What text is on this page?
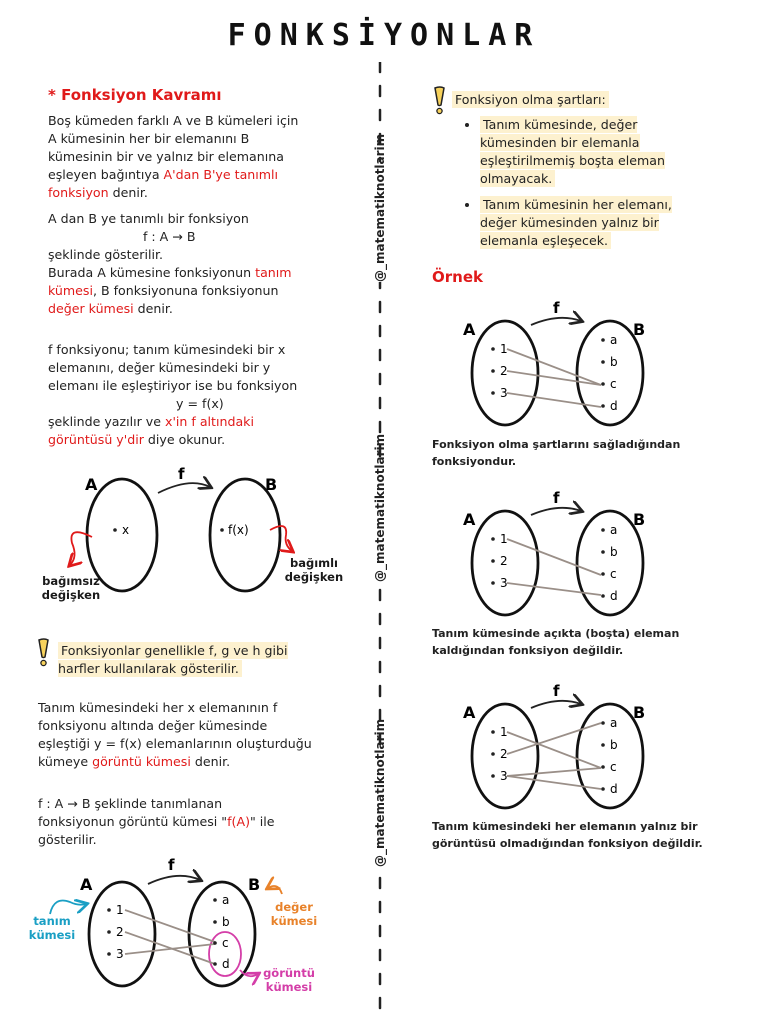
FONKSİYONLAR
@_matematiknotlarim
@_matematiknotlarim
@_matematiknotlarim
* Fonksiyon Kavramı
Boş kümeden farklı A ve B kümeleri için A kümesinin her bir elemanını B kümesinin bir ve yalnız bir elemanına eşleyen bağıntıya A'dan B'ye tanımlı fonksiyon denir.
A dan B ye tanımlı bir fonksiyon
f : A → B
şeklinde gösterilir.
Burada A kümesine fonksiyonun tanım kümesi, B fonksiyonuna fonksiyonun değer kümesi denir.
f fonksiyonu; tanım kümesindeki bir x elemanını, değer kümesindeki bir y elemanı ile eşleştiriyor ise bu fonksiyon
y = f(x)
şeklinde yazılır ve x'in f altındaki görüntüsü y'dir diye okunur.
A	B
f
x	f(x)
bağımsız değişken
bağımlı değişken
Fonksiyonlar genellikle f, g ve h gibi harfler kullanılarak gösterilir.
Tanım kümesindeki her x elemanının f fonksiyonu altında değer kümesinde eşleştiği y = f(x) elemanlarının oluşturduğu kümeye görüntü kümesi denir.
f : A → B şeklinde tanımlanan fonksiyonun görüntü kümesi "f(A)" ile gösterilir.
A	B
f
1
2
3
a
b
c
d
tanım kümesi
değer kümesi
görüntü kümesi
Fonksiyon olma şartları:
• Tanım kümesinde, değer kümesinden bir elemanla eşleştirilmemiş boşta eleman olmayacak.
• Tanım kümesinin her elemanı, değer kümesinden yalnız bir elemanla eşleşecek.
Örnek
A	B
f
1
2
3
a
b
c
d
Fonksiyon olma şartlarını sağladığından fonksiyondur.
A	B
f
1
2
3
a
b
c
d
Tanım kümesinde açıkta (boşta) eleman kaldığından fonksiyon değildir.
A	B
f
1
2
3
a
b
c
d
Tanım kümesindeki her elemanın yalnız bir görüntüsü olmadığından fonksiyon değildir.
